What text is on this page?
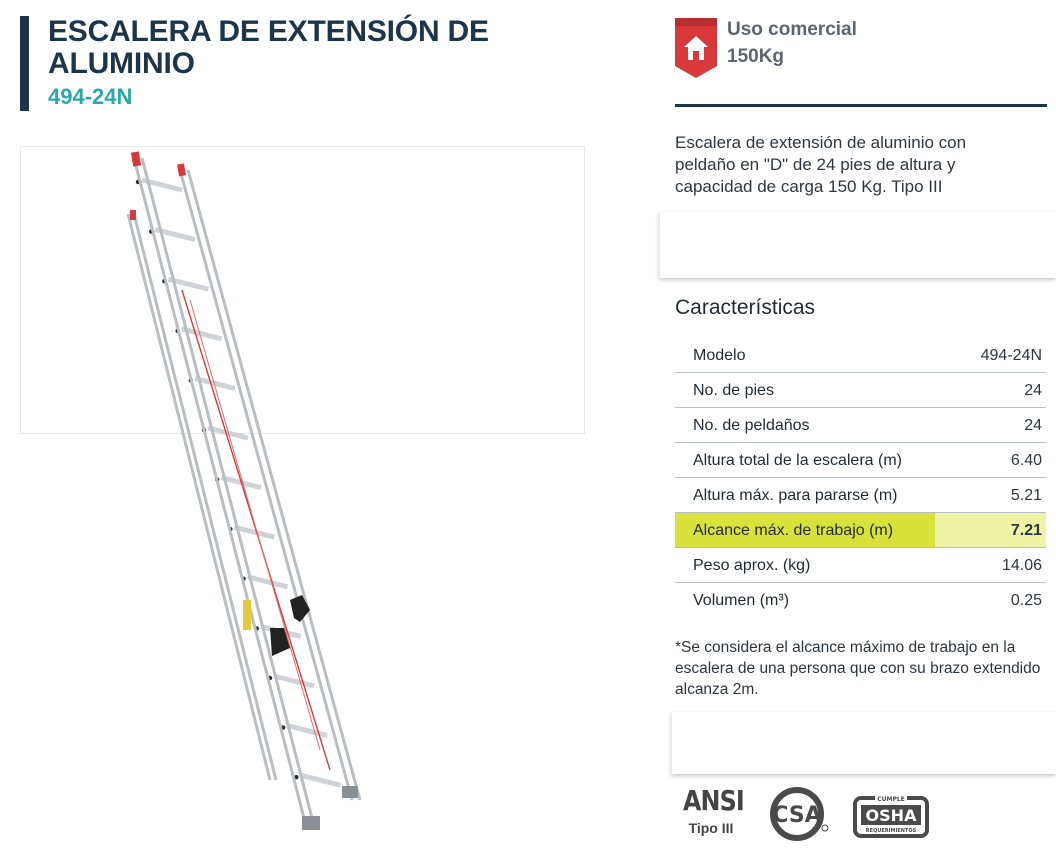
ESCALERA DE EXTENSIÓN DE ALUMINIO
494-24N
Uso comercial
150Kg
Escalera de extensión de aluminio con peldaño en "D" de 24 pies de altura y capacidad de carga 150 Kg. Tipo III
Características
Modelo	494-24N
No. de pies	24
No. de peldaños	24
Altura total de la escalera (m)	6.40
Altura máx. para pararse (m)	5.21
Alcance máx. de trabajo (m)	7.21
Peso aprox. (kg)	14.06
Volumen (m³)	0.25
*Se considera el alcance máximo de trabajo en la escalera de una persona que con su brazo extendido alcanza 2m.
ANSI
Tipo III	CSA
CUMPLE
OSHA
REQUERIMIENTOS
